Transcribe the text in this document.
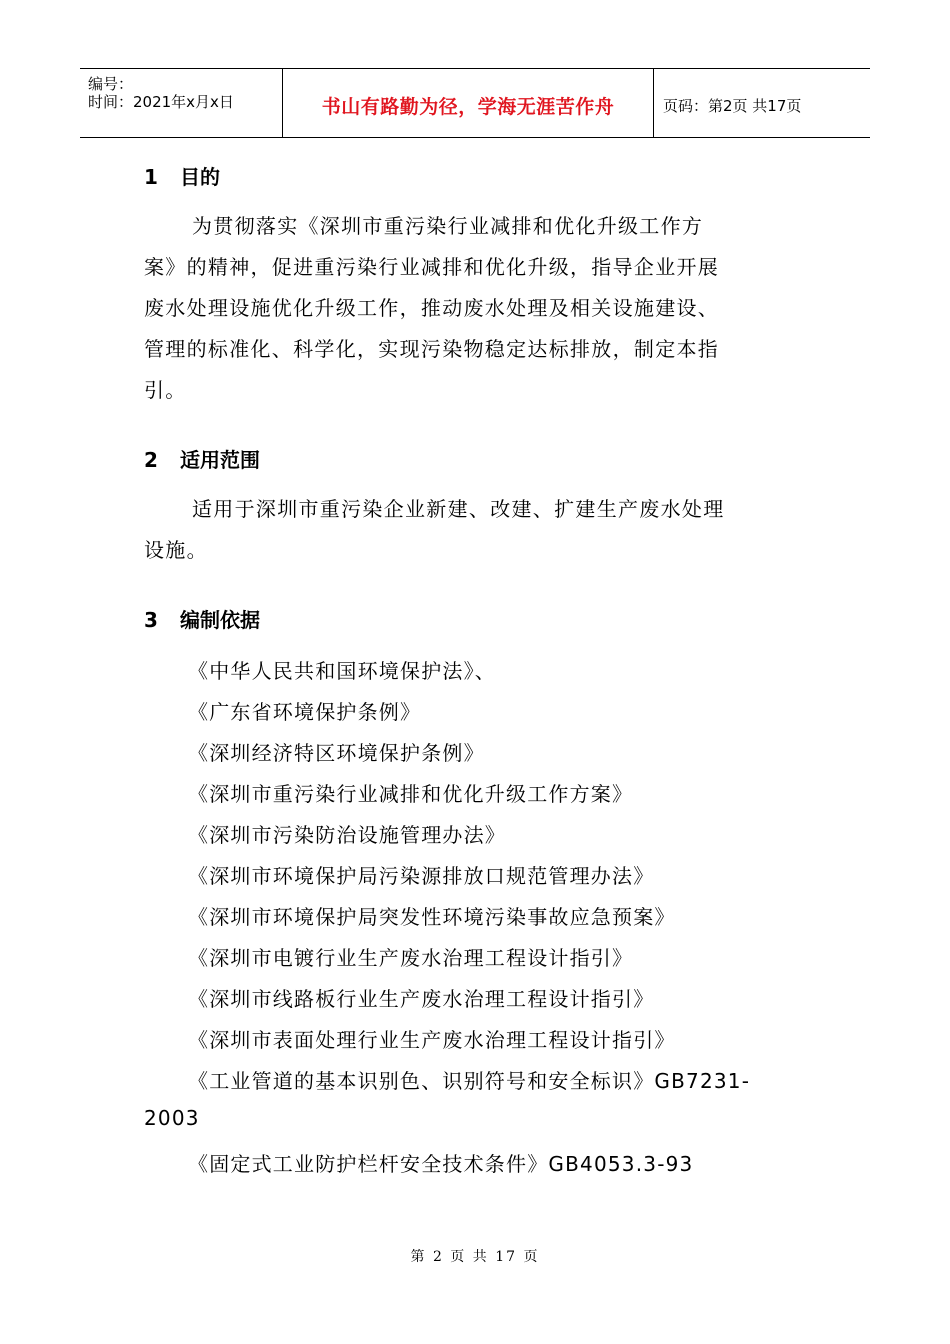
编号：
时间：2021年x月x日	书山有路勤为径，学海无涯苦作舟	页码：第2页 共17页
1 目的
为贯彻落实《深圳市重污染行业减排和优化升级工作方
案》的精神，促进重污染行业减排和优化升级，指导企业开展
废水处理设施优化升级工作，推动废水处理及相关设施建设、
管理的标准化、科学化，实现污染物稳定达标排放，制定本指
引。
2 适用范围
适用于深圳市重污染企业新建、改建、扩建生产废水处理
设施。
3 编制依据
《中华人民共和国环境保护法》、
《广东省环境保护条例》
《深圳经济特区环境保护条例》
《深圳市重污染行业减排和优化升级工作方案》
《深圳市污染防治设施管理办法》
《深圳市环境保护局污染源排放口规范管理办法》
《深圳市环境保护局突发性环境污染事故应急预案》
《深圳市电镀行业生产废水治理工程设计指引》
《深圳市线路板行业生产废水治理工程设计指引》
《深圳市表面处理行业生产废水治理工程设计指引》
《工业管道的基本识别色、识别符号和安全标识》GB7231-
2003
《固定式工业防护栏杆安全技术条件》GB4053.3-93
第 2 页 共 17 页
